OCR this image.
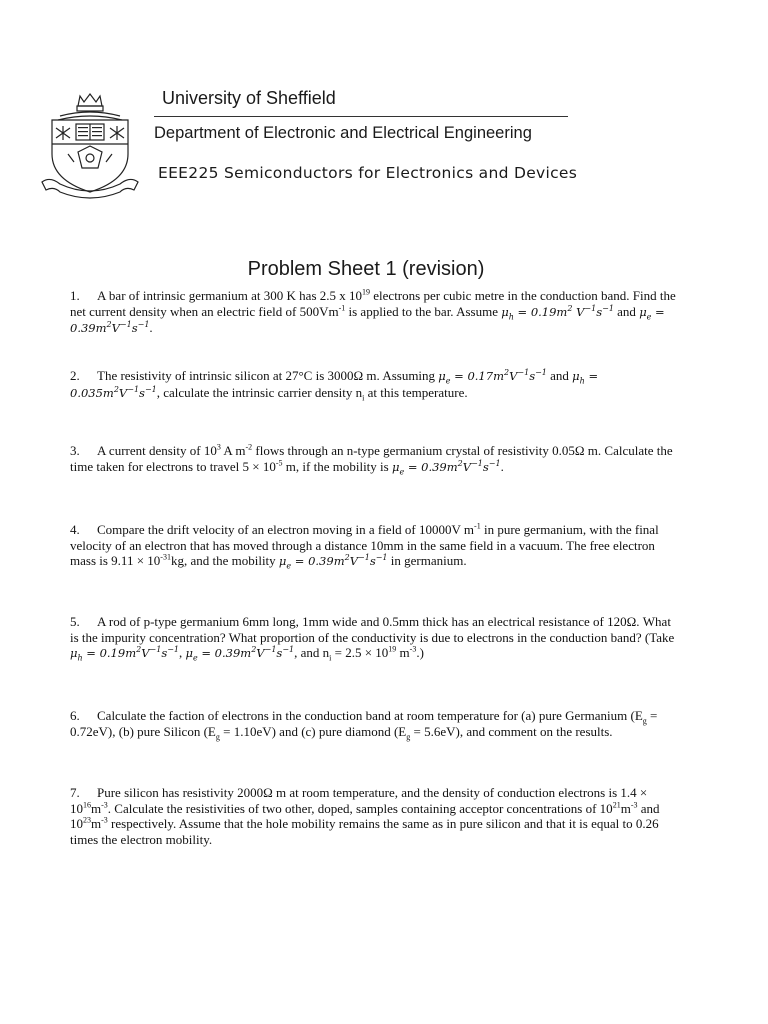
University of Sheffield
Department of Electronic and Electrical Engineering
EEE225 Semiconductors for Electronics and Devices
Problem Sheet 1 (revision)
1. A bar of intrinsic germanium at 300 K has 2.5 x $10^{19}$ electrons per cubic metre in the conduction band. Find the net current density when an electric field of $500Vm^{-1}$ is applied to the bar. Assume $\mu_h = 0.19m^2$ $V^{-1}s^{-1}$ and $\mu_e = 0.39m^2V^{-1}s^{-1}$.
2. The resistivity of intrinsic silicon at 27°C is 3000Ω m. Assuming $\mu_e = 0.17m^2V^{-1}s^{-1}$ and $\mu_h = 0.035m^2V^{-1}s^{-1}$, calculate the intrinsic carrier density $n_i$ at this temperature.
3. A current density of $10^3$ A $m^{-2}$ flows through an n-type germanium crystal of resistivity 0.05Ω m. Calculate the time taken for electrons to travel $5 \times 10^{-5}$ m, if the mobility is $\mu_e = 0.39m^2V^{-1}s^{-1}$.
4. Compare the drift velocity of an electron moving in a field of 10000V $m^{-1}$ in pure germanium, with the final velocity of an electron that has moved through a distance 10mm in the same field in a vacuum. The free electron mass is $9.11 \times 10^{-31}kg$, and the mobility $\mu_e = 0.39m^2V^{-1}s^{-1}$ in germanium.
5. A rod of p-type germanium 6mm long, 1mm wide and 0.5mm thick has an electrical resistance of 120Ω. What is the impurity concentration? What proportion of the conductivity is due to electrons in the conduction band? (Take $\mu_h = 0.19m^2V^{-1}s^{-1}$, $\mu_e = 0.39m^2V^{-1}s^{-1}$, and $n_i = 2.5 \times 10^{19}$ $m^{-3}$.)
6. Calculate the faction of electrons in the conduction band at room temperature for (a) pure Germanium $(E_g = 0.72eV)$, (b) pure Silicon $(E_g = 1.10eV)$ and (c) pure diamond $(E_g = 5.6eV)$, and comment on the results.
7. Pure silicon has resistivity 2000Ω m at room temperature, and the density of conduction electrons is $1.4 \times 10^{16}m^{-3}$. Calculate the resistivities of two other, doped, samples containing acceptor concentrations of $10^{21}m^{-3}$ and $10^{23}m^{-3}$ respectively. Assume that the hole mobility remains the same as in pure silicon and that it is equal to 0.26 times the electron mobility.
